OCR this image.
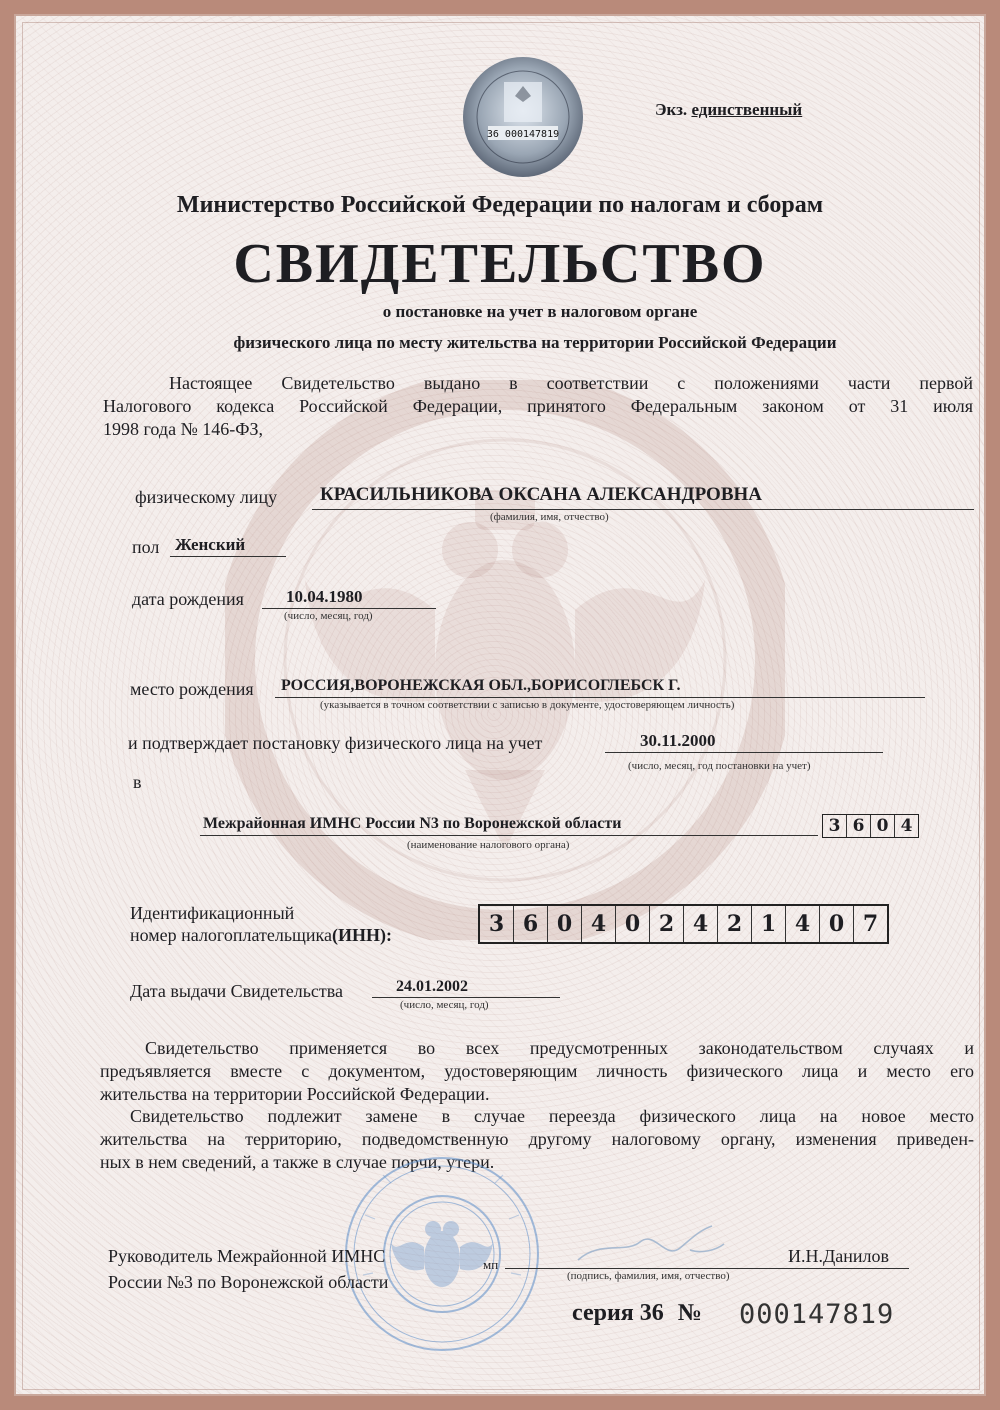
36 000147819
Экз. единственный
Министерство Российской Федерации по налогам и сборам
СВИДЕТЕЛЬСТВО
о постановке на учет в налоговом органе
физического лица по месту жительства на территории Российской Федерации
Настоящее Свидетельство выдано в соответствии с положениями части первой
Налогового кодекса Российской Федерации, принятого Федеральным законом от 31 июля
1998 года № 146-ФЗ,
физическому лицу КРАСИЛЬНИКОВА ОКСАНА АЛЕКСАНДРОВНА
(фамилия, имя, отчество)
пол Женский
дата рождения 10.04.1980
(число, месяц, год)
место рождения РОССИЯ,ВОРОНЕЖСКАЯ ОБЛ.,БОРИСОГЛЕБСК Г.
(указывается в точном соответствии с записью в документе, удостоверяющем личность)
и подтверждает постановку физического лица на учет	30.11.2000
(число, месяц, год постановки на учет)
в
Межрайонная ИМНС России N3 по Воронежской области
(наименование налогового органа)
3 6 0 4
Идентификационный
номер налогоплательщика(ИНН):	3 6 0 4 0 2 4 2 1 4 0 7
Дата выдачи Свидетельства	24.01.2002
(число, месяц, год)
Свидетельство применяется во всех предусмотренных законодательством случаях и
предъявляется вместе с документом, удостоверяющим личность физического лица и место его
жительства на территории Российской Федерации.
Свидетельство подлежит замене в случае переезда физического лица на новое место
жительства на территорию, подведомственную другому налоговому органу, изменения приведен-
ных в нем сведений, а также в случае порчи, утери.
Руководитель Межрайонной ИМНС
России №3 по Воронежской области
мп	И.Н.Данилов
(подпись, фамилия, имя, отчество)
серия 36 № 000147819
